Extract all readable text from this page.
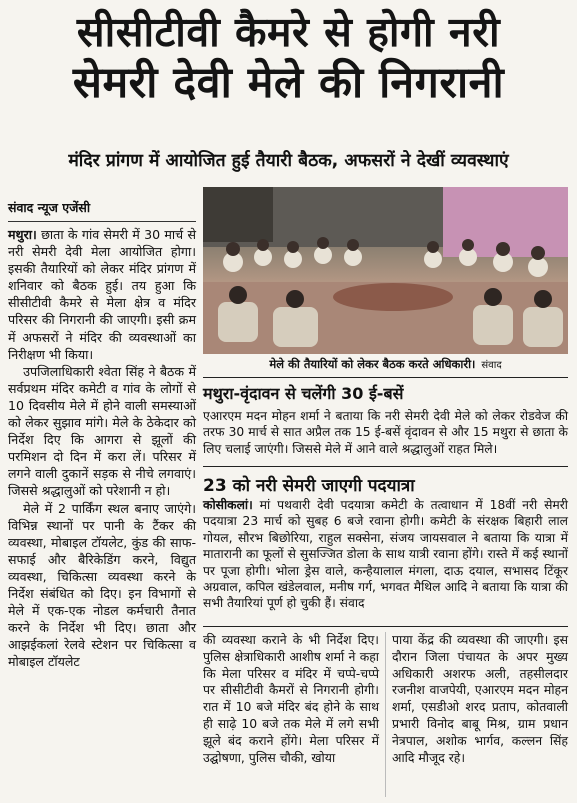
सीसीटीवी कैमरे से होगी नरी
सेमरी देवी मेले की निगरानी
मंदिर प्रांगण में आयोजित हुई तैयारी बैठक, अफसरों ने देखीं व्यवस्थाएं
संवाद न्यूज एजेंसी

मथुरा। छाता के गांव सेमरी में 30 मार्च से नरी सेमरी देवी मेला आयोजित होगा। इसकी तैयारियों को लेकर मंदिर प्रांगण में शनिवार को बैठक हुई। तय हुआ कि सीसीटीवी कैमरे से मेला क्षेत्र व मंदिर परिसर की निगरानी की जाएगी। इसी क्रम में अफसरों ने मंदिर की व्यवस्थाओं का निरीक्षण भी किया।

उपजिलाधिकारी श्वेता सिंह ने बैठक में सर्वप्रथम मंदिर कमेटी व गांव के लोगों से 10 दिवसीय मेले में होने वाली समस्याओं को लेकर सुझाव मांगे। मेले के ठेकेदार को निर्देश दिए कि आगरा से झूलों की परमिशन दो दिन में करा लें। परिसर में लगने वाली दुकानें सड़क से नीचे लगवाएं। जिससे श्रद्धालुओं को परेशानी न हो।

मेले में 2 पार्किंग स्थल बनाए जाएंगे। विभिन्न स्थानों पर पानी के टैंकर की व्यवस्था, मोबाइल टॉयलेट, कुंड की साफ-सफाई और बैरिकेडिंग करने, विद्युत व्यवस्था, चिकित्सा व्यवस्था करने के निर्देश संबंधित को दिए। इन विभागों से मेले में एक-एक नोडल कर्मचारी तैनात करने के निर्देश भी दिए। छाता और आझईकलां रेलवे स्टेशन पर चिकित्सा व मोबाइल टॉयलेट

मेले की तैयारियों को लेकर बैठक करते अधिकारी। संवाद
मथुरा-वृंदावन से चलेंगी 30 ई-बसें
एआरएम मदन मोहन शर्मा ने बताया कि नरी सेमरी देवी मेले को लेकर रोडवेज की तरफ 30 मार्च से सात अप्रैल तक 15 ई-बसें वृंदावन से और 15 मथुरा से छाता के लिए चलाई जाएंगी। जिससे मेले में आने वाले श्रद्धालुओं राहत मिले।
23 को नरी सेमरी जाएगी पदयात्रा
कोसीकलां। मां पथवारी देवी पदयात्रा कमेटी के तत्वाधान में 18वीं नरी सेमरी पदयात्रा 23 मार्च को सुबह 6 बजे रवाना होगी। कमेटी के संरक्षक बिहारी लाल गोयल, सौरभ बिछोरिया, राहुल सक्सेना, संजय जायसवाल ने बताया कि यात्रा में मातारानी का फूलों से सुसज्जित डोला के साथ यात्री रवाना होंगे। रास्ते में कई स्थानों पर पूजा होगी। भोला ड्रेस वाले, कन्हैयालाल मंगला, दाऊ दयाल, सभासद टिंकूर अग्रवाल, कपिल खंडेलवाल, मनीष गर्ग, भगवत मैथिल आदि ने बताया कि यात्रा की सभी तैयारियां पूर्ण हो चुकी हैं। संवाद
की व्यवस्था कराने के भी निर्देश दिए। पुलिस क्षेत्राधिकारी आशीष शर्मा ने कहा कि मेला परिसर व मंदिर में चप्पे-चप्पे पर सीसीटीवी कैमरों से निगरानी होगी। रात में 10 बजे मंदिर बंद होने के साथ ही साढ़े 10 बजे तक मेले में लगे सभी झूले बंद कराने होंगे। मेला परिसर में उद्घोषणा, पुलिस चौकी, खोया
पाया केंद्र की व्यवस्था की जाएगी। इस दौरान जिला पंचायत के अपर मुख्य अधिकारी अशरफ अली, तहसीलदार रजनीश वाजपेयी, एआरएम मदन मोहन शर्मा, एसडीओ शरद प्रताप, कोतवाली प्रभारी विनोद बाबू मिश्र, ग्राम प्रधान नेत्रपाल, अशोक भार्गव, कल्लन सिंह आदि मौजूद रहे।
